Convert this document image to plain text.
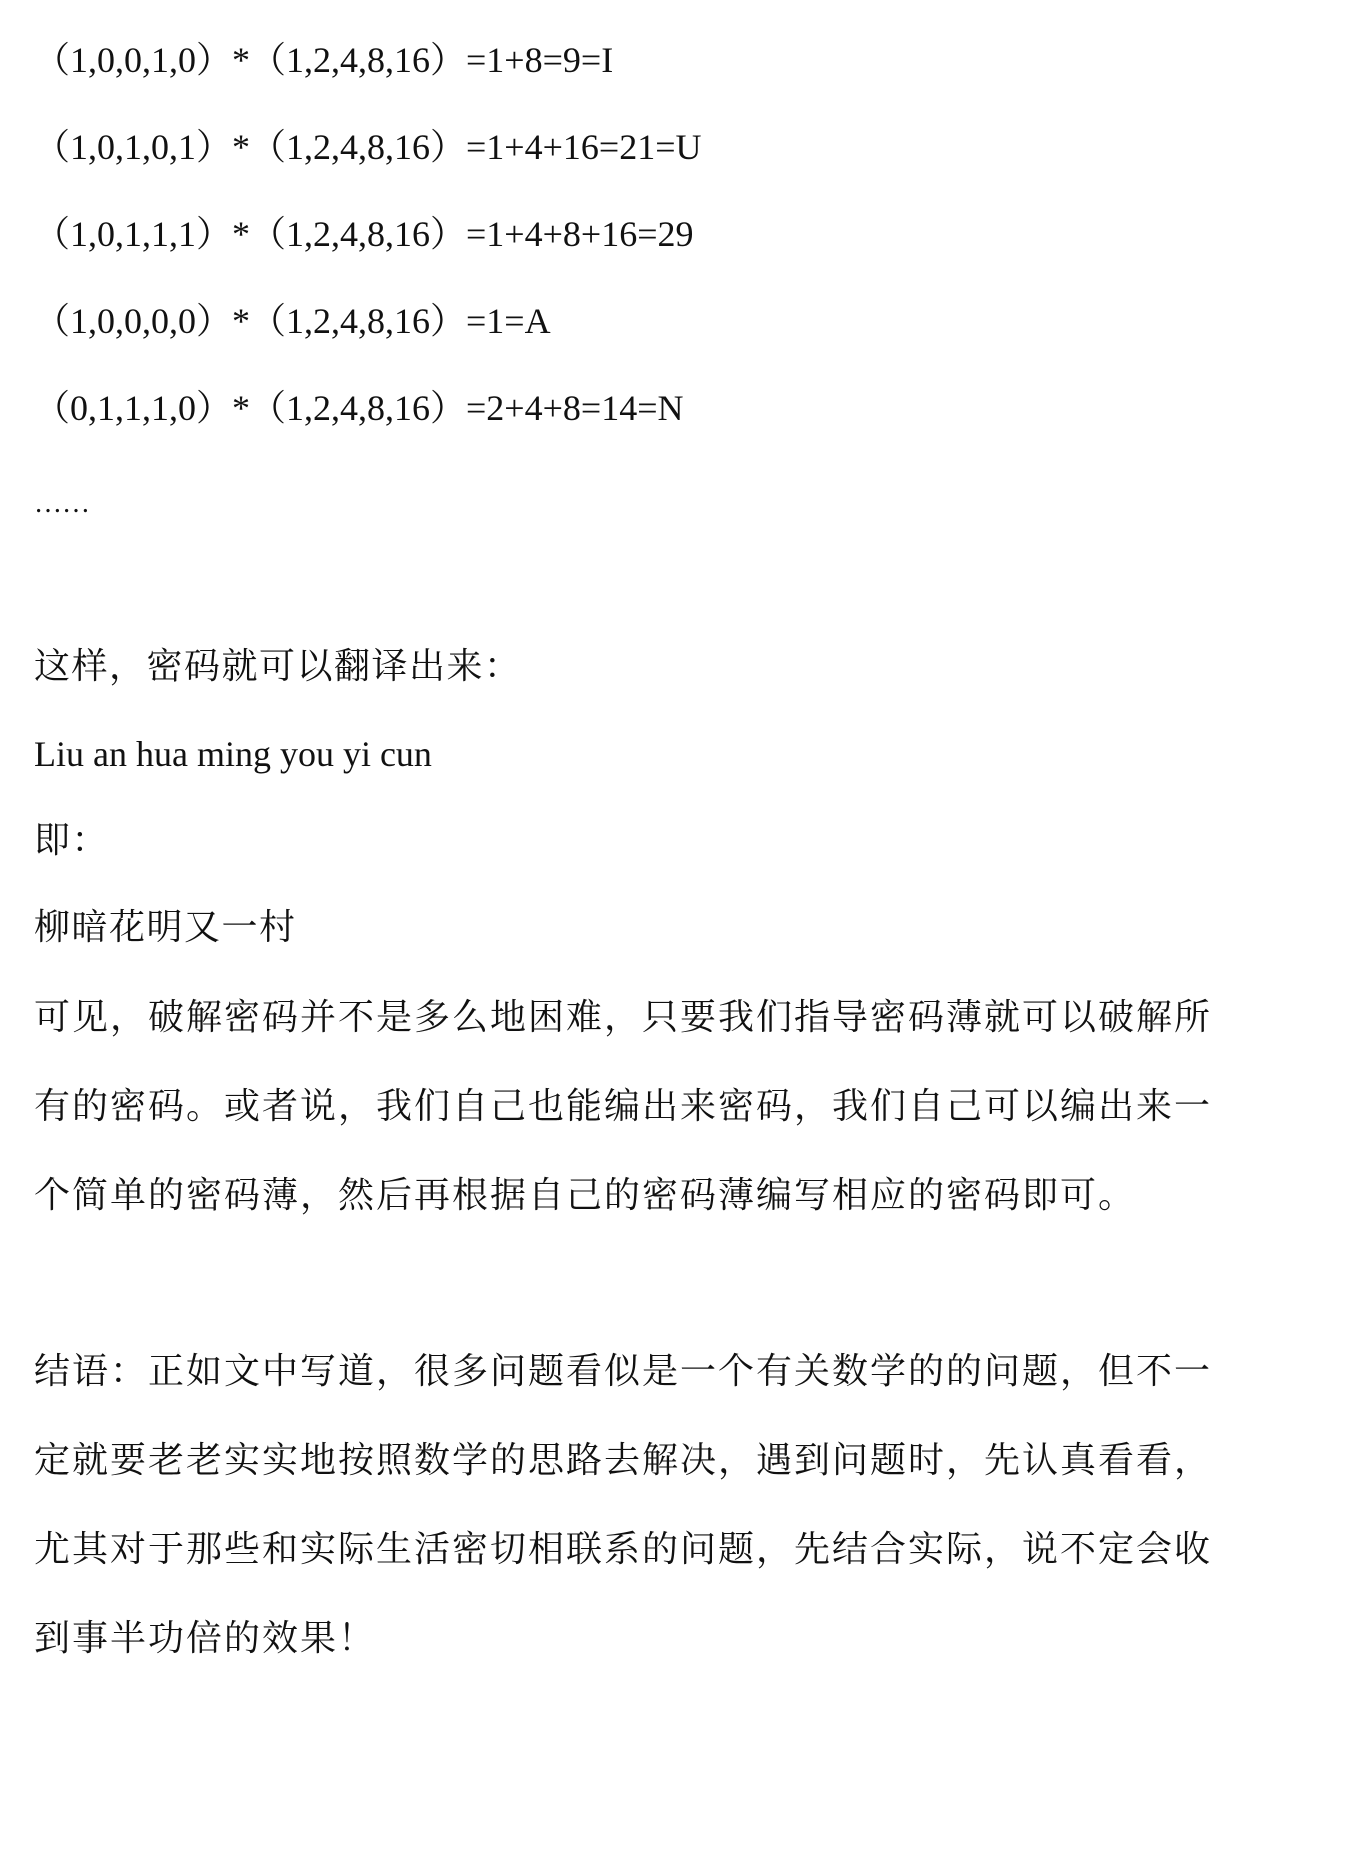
（1,0,0,1,0）*（1,2,4,8,16）=1+8=9=I
（1,0,1,0,1）*（1,2,4,8,16）=1+4+16=21=U
（1,0,1,1,1）*（1,2,4,8,16）=1+4+8+16=29
（1,0,0,0,0）*（1,2,4,8,16）=1=A
（0,1,1,1,0）*（1,2,4,8,16）=2+4+8=14=N
……
这样，密码就可以翻译出来：
Liu an hua ming you yi cun
即：
柳暗花明又一村
可见，破解密码并不是多么地困难，只要我们指导密码薄就可以破解所
有的密码。或者说，我们自己也能编出来密码，我们自己可以编出来一
个简单的密码薄，然后再根据自己的密码薄编写相应的密码即可。
结语：正如文中写道，很多问题看似是一个有关数学的的问题，但不一
定就要老老实实地按照数学的思路去解决，遇到问题时，先认真看看，
尤其对于那些和实际生活密切相联系的问题，先结合实际，说不定会收
到事半功倍的效果！
